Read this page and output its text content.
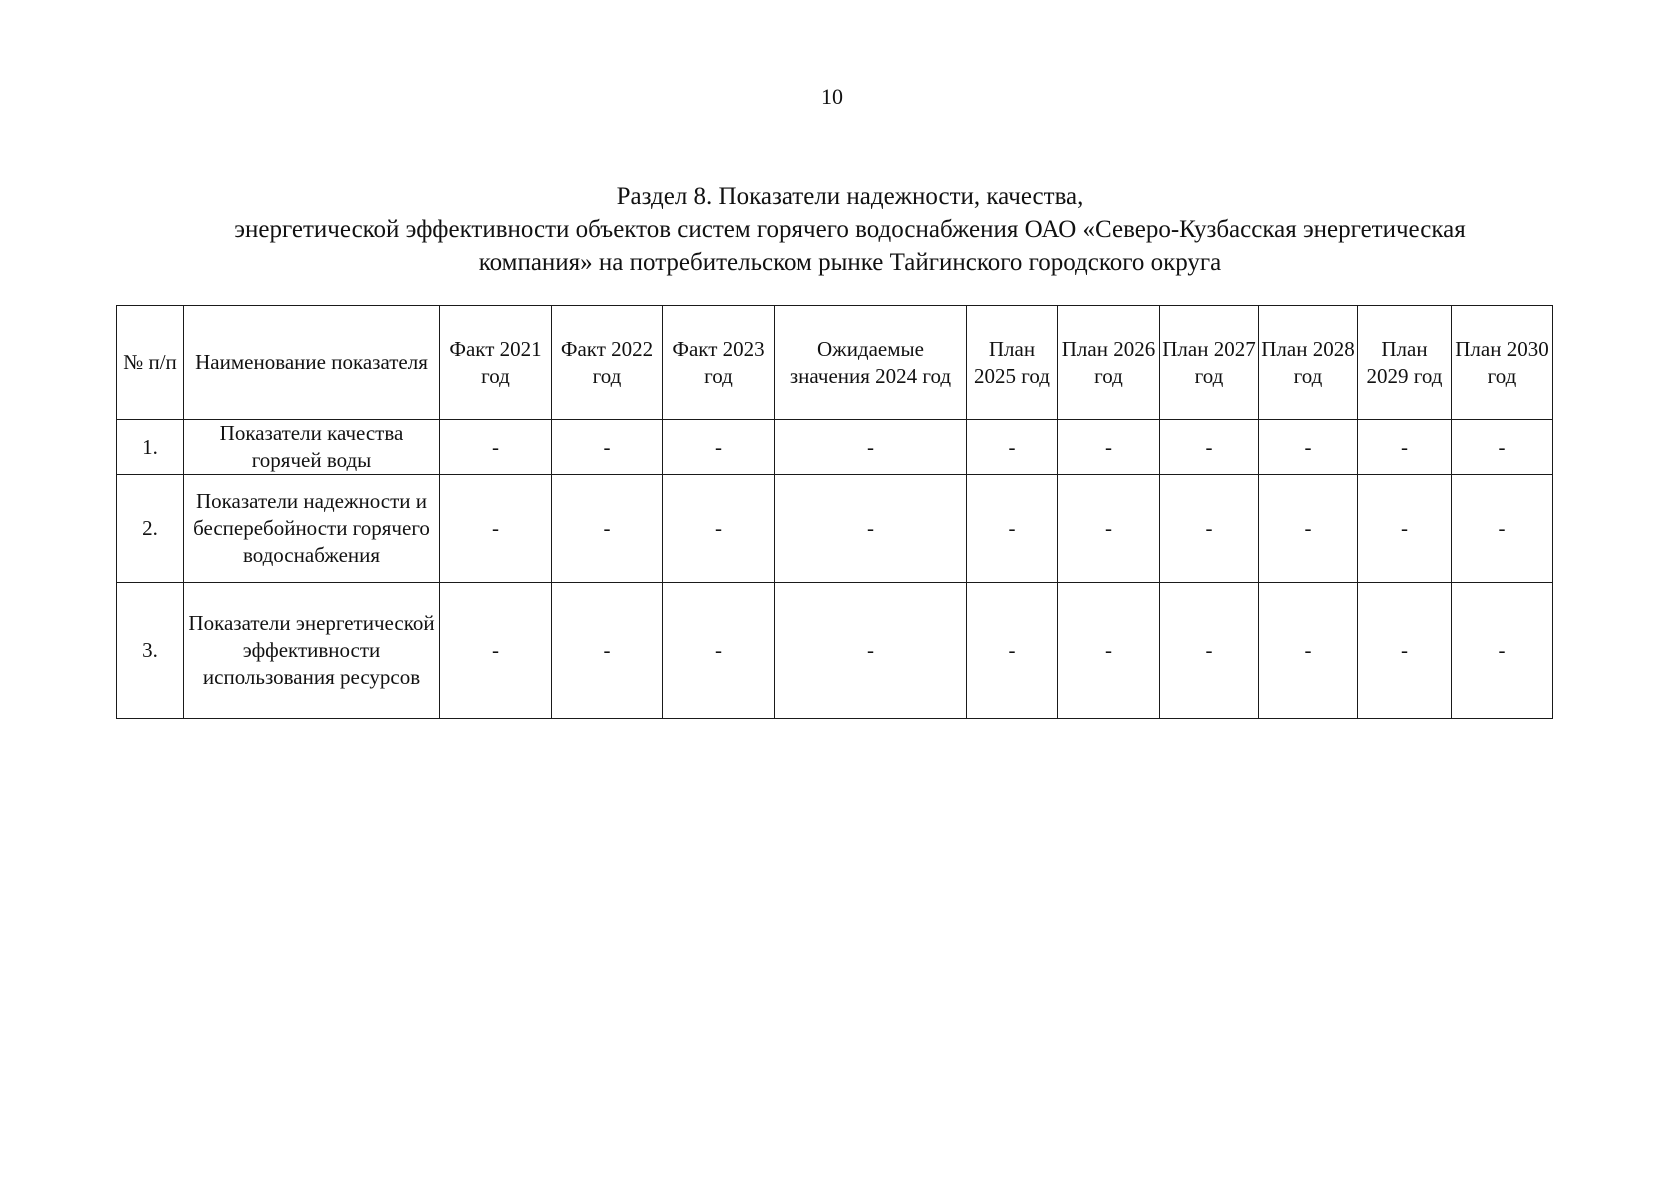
10
Раздел 8. Показатели надежности, качества,
энергетической эффективности объектов систем горячего водоснабжения ОАО «Северо-Кузбасская энергетическая
компания» на потребительском рынке Тайгинского городского округа
№ п/п	Наименование показателя	Факт 2021 год	Факт 2022 год	Факт 2023 год	Ожидаемые значения 2024 год	План 2025 год	План 2026 год	План 2027 год	План 2028 год	План 2029 год	План 2030 год
1.	Показатели качества горячей воды	-	-	-	-	-	-	-	-	-	-
2.	Показатели надежности и бесперебойности горячего водоснабжения	-	-	-	-	-	-	-	-	-	-
3.	Показатели энергетической эффективности использования ресурсов	-	-	-	-	-	-	-	-	-	-
